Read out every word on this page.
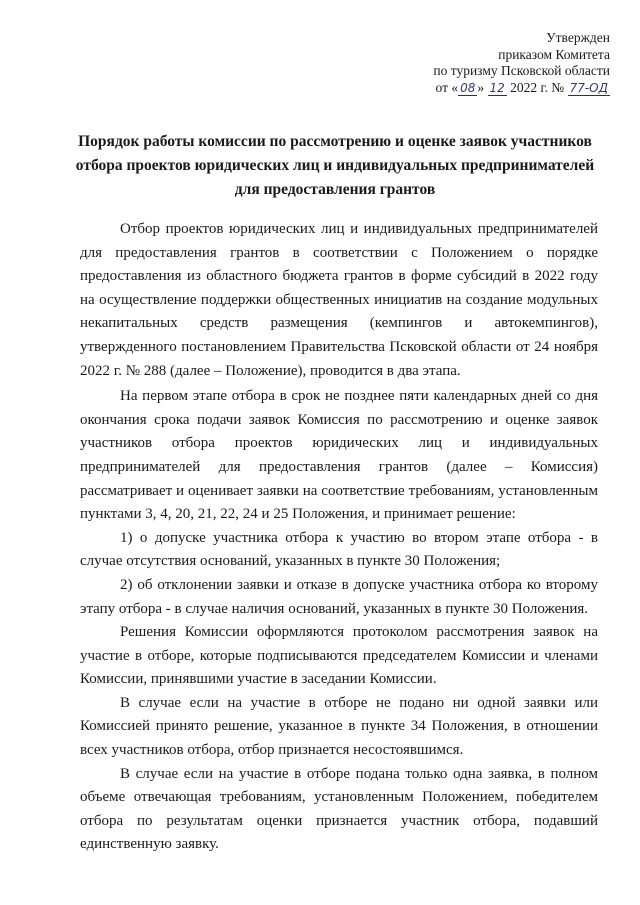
Утвержден
приказом Комитета
по туризму Псковской области
от « 08 » 12 2022 г. № 77-ОД
Порядок работы комиссии по рассмотрению и оценке заявок участников отбора проектов юридических лиц и индивидуальных предпринимателей для предоставления грантов

Отбор проектов юридических лиц и индивидуальных предпринимателей для предоставления грантов в соответствии с Положением о порядке предоставления из областного бюджета грантов в форме субсидий в 2022 году на осуществление поддержки общественных инициатив на создание модульных некапитальных средств размещения (кемпингов и автокемпингов), утвержденного постановлением Правительства Псковской области от 24 ноября 2022 г. № 288 (далее – Положение), проводится в два этапа.

На первом этапе отбора в срок не позднее пяти календарных дней со дня окончания срока подачи заявок Комиссия по рассмотрению и оценке заявок участников отбора проектов юридических лиц и индивидуальных предпринимателей для предоставления грантов (далее – Комиссия) рассматривает и оценивает заявки на соответствие требованиям, установленным пунктами 3, 4, 20, 21, 22, 24 и 25 Положения, и принимает решение:

1) о допуске участника отбора к участию во втором этапе отбора - в случае отсутствия оснований, указанных в пункте 30 Положения;

2) об отклонении заявки и отказе в допуске участника отбора ко второму этапу отбора - в случае наличия оснований, указанных в пункте 30 Положения.

Решения Комиссии оформляются протоколом рассмотрения заявок на участие в отборе, которые подписываются председателем Комиссии и членами Комиссии, принявшими участие в заседании Комиссии.

В случае если на участие в отборе не подано ни одной заявки или Комиссией принято решение, указанное в пункте 34 Положения, в отношении всех участников отбора, отбор признается несостоявшимся.

В случае если на участие в отборе подана только одна заявка, в полном объеме отвечающая требованиям, установленным Положением, победителем отбора по результатам оценки признается участник отбора, подавший единственную заявку.
